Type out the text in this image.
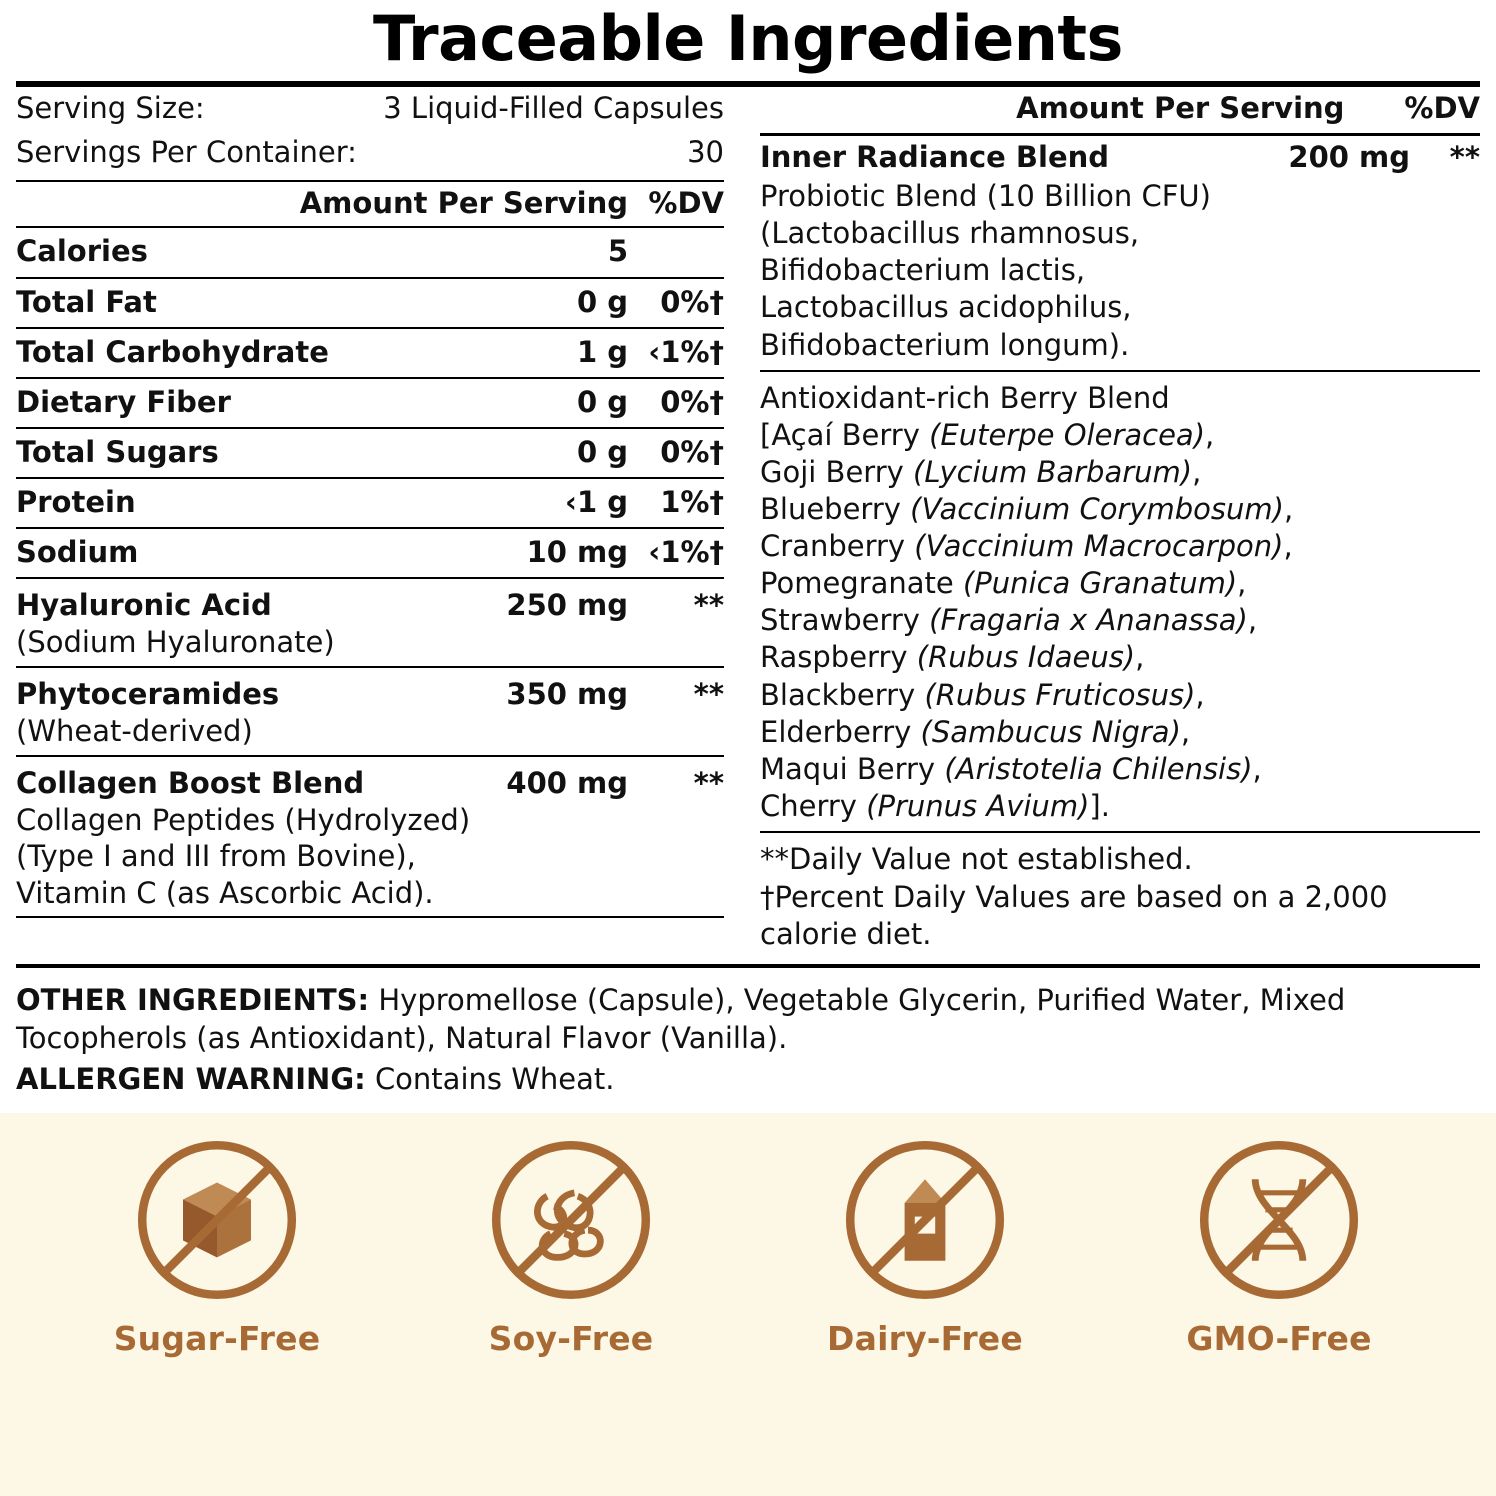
Traceable Ingredients
Serving Size:	3 Liquid-Filled Capsules
Servings Per Container:	30
Amount Per Serving %DV
Calories	5
Total Fat	0 g	0%†
Total Carbohydrate	1 g ‹1%†
Dietary Fiber	0 g	0%†
Total Sugars	0 g	0%†
Protein	‹1 g	1%†
Sodium	10 mg ‹1%†
Hyaluronic Acid	250 mg	**
(Sodium Hyaluronate)
Phytoceramides	350 mg	**
(Wheat-derived)
Collagen Boost Blend	400 mg	**
Collagen Peptides (Hydrolyzed)
(Type I and III from Bovine),
Vitamin C (as Ascorbic Acid).
Amount Per Serving %DV
Inner Radiance Blend	200 mg	**
Probiotic Blend (10 Billion CFU)
(Lactobacillus rhamnosus,
Bifidobacterium lactis,
Lactobacillus acidophilus,
Bifidobacterium longum).
Antioxidant-rich Berry Blend
[Açaí Berry (Euterpe Oleracea),
Goji Berry (Lycium Barbarum),
Blueberry (Vaccinium Corymbosum),
Cranberry (Vaccinium Macrocarpon),
Pomegranate (Punica Granatum),
Strawberry (Fragaria x Ananassa),
Raspberry (Rubus Idaeus),
Blackberry (Rubus Fruticosus),
Elderberry (Sambucus Nigra),
Maqui Berry (Aristotelia Chilensis),
Cherry (Prunus Avium)].
**Daily Value not established.
†Percent Daily Values are based on a 2,000 calorie diet.

OTHER INGREDIENTS: Hypromellose (Capsule), Vegetable Glycerin, Purified Water, Mixed Tocopherols (as Antioxidant), Natural Flavor (Vanilla).

ALLERGEN WARNING: Contains Wheat.

Sugar-Free	Soy-Free	Dairy-Free	GMO-Free
